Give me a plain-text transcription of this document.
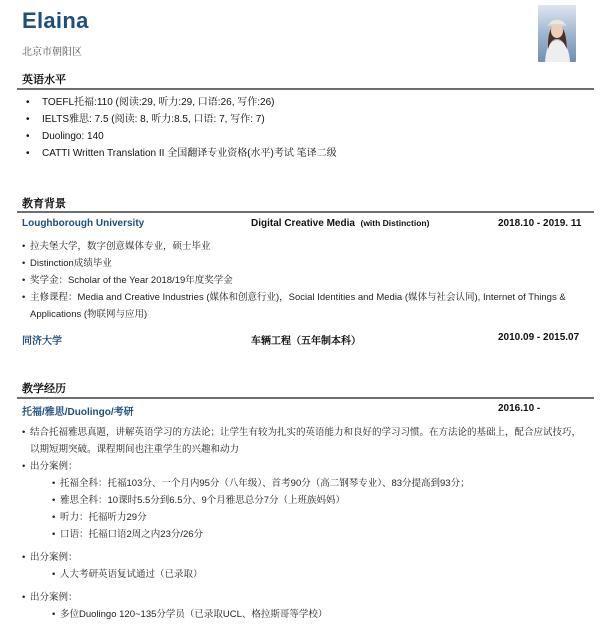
Elaina
北京市朝阳区
英语水平
• TOEFL托福:110 (阅读:29, 听力:29, 口语:26, 写作:26)
• IELTS雅思: 7.5 (阅读: 8, 听力:8.5, 口语: 7, 写作: 7)
• Duolingo: 140
• CATTI Written Translation II 全国翻译专业资格(水平)考试 笔译二级
教育背景
Loughborough University	Digital Creative Media (with Distinction)	2018.10 - 2019. 11
• 拉夫堡大学，数字创意媒体专业，硕士毕业
• Distinction成绩毕业
• 奖学金：Scholar of the Year 2018/19年度奖学金
• 主修课程：Media and Creative Industries (媒体和创意行业)，Social Identities and Media (媒体与社会认同), Internet of Things & Applications (物联网与应用)
同济大学	车辆工程（五年制本科）	2010.09 - 2015.07
教学经历
托福/雅思/Duolingo/考研	2016.10 -
• 结合托福雅思真题，讲解英语学习的方法论；让学生有较为扎实的英语能力和良好的学习习惯。在方法论的基础上，配合应试技巧，以期短期突破。课程期间也注重学生的兴趣和动力
• 出分案例：
• 托福全科：托福103分、一个月内95分（八年级）、首考90分（高二钢琴专业）、83分提高到93分；
• 雅思全科：10课时5.5分到6.5分、9个月雅思总分7分（上班族妈妈）
• 听力：托福听力29分
• 口语：托福口语2周之内23分/26分
• 出分案例：
• 人大考研英语复试通过（已录取）
• 出分案例：
• 多位Duolingo 120~135分学员（已录取UCL、格拉斯哥等学校）
